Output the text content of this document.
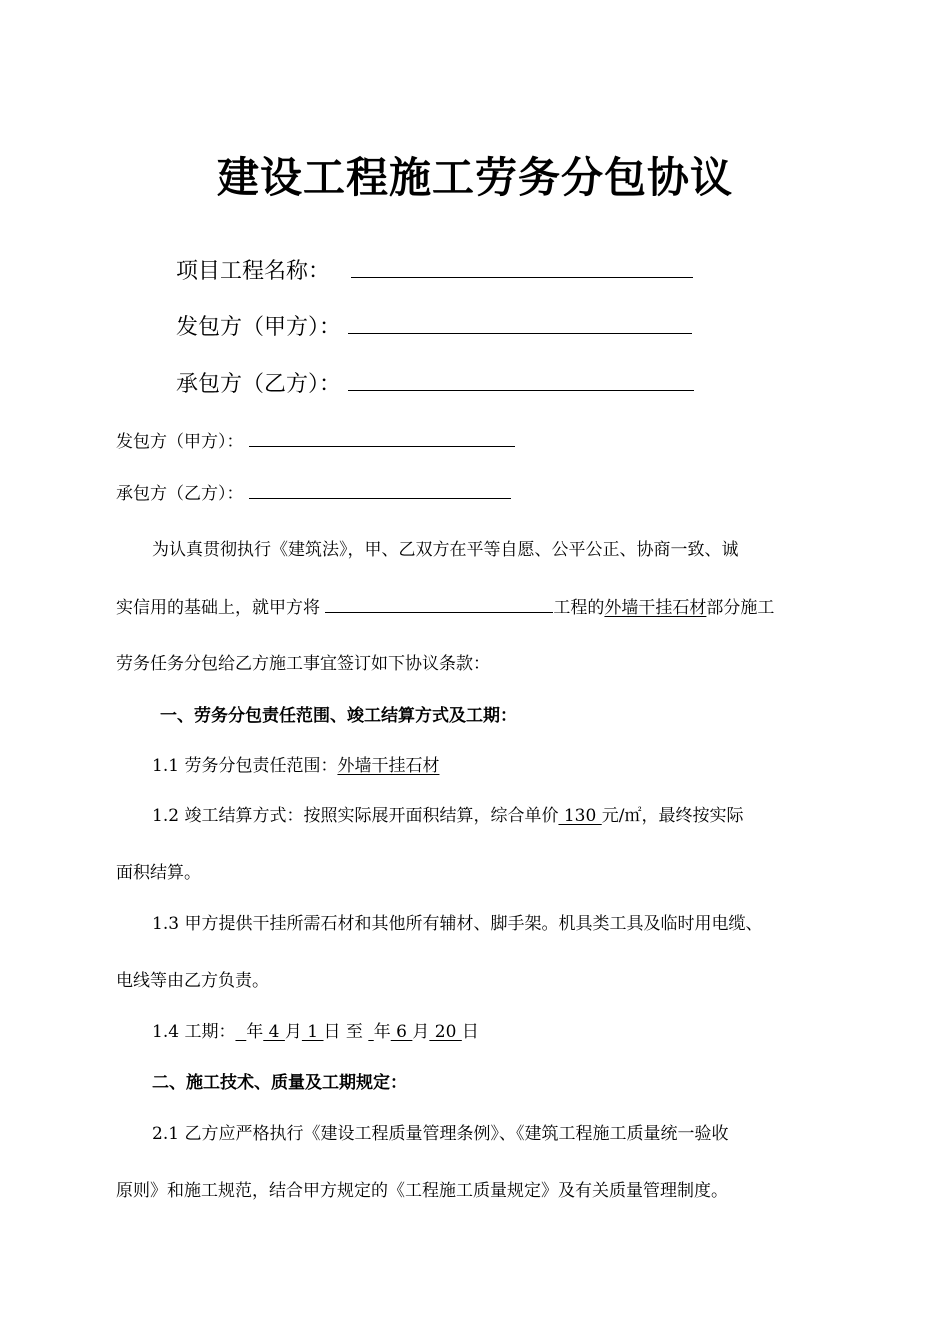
建设工程施工劳务分包协议
项目工程名称：
发包方（甲方）：
承包方（乙方）：
发包方（甲方）：
承包方（乙方）：
为认真贯彻执行《建筑法》，甲、乙双方在平等自愿、公平公正、协商一致、诚
实信用的基础上，就甲方将	工程的外墙干挂石材部分施工
劳务任务分包给乙方施工事宜签订如下协议条款：
一、劳务分包责任范围、竣工结算方式及工期：
1.1 劳务分包责任范围：外墙干挂石材
1.2 竣工结算方式：按照实际展开面积结算，综合单价 130 元/㎡，最终按实际
面积结算。
1.3 甲方提供干挂所需石材和其他所有辅材、脚手架。机具类工具及临时用电缆、
电线等由乙方负责。
1.4 工期： 年 4 月 1 日 至  年 6 月 20 日
二、施工技术、质量及工期规定：
2.1 乙方应严格执行《建设工程质量管理条例》、《建筑工程施工质量统一验收
原则》和施工规范，结合甲方规定的《工程施工质量规定》及有关质量管理制度。
